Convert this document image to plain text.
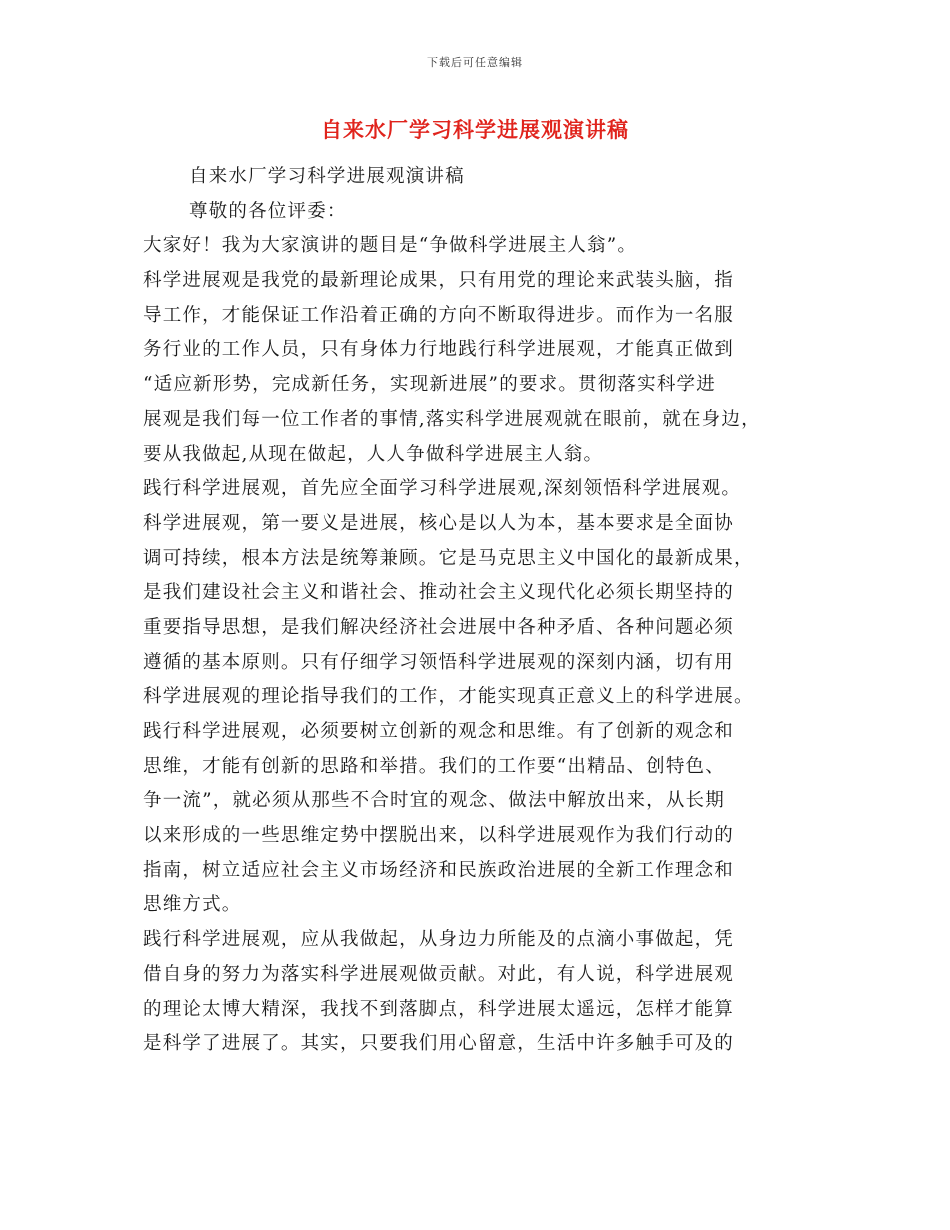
下载后可任意编辑
自来水厂学习科学进展观演讲稿
自来水厂学习科学进展观演讲稿
尊敬的各位评委：
大家好！我为大家演讲的题目是“争做科学进展主人翁”。
科学进展观是我党的最新理论成果，只有用党的理论来武装头脑，指
导工作，才能保证工作沿着正确的方向不断取得进步。而作为一名服
务行业的工作人员，只有身体力行地践行科学进展观，才能真正做到
“适应新形势，完成新任务，实现新进展”的要求。贯彻落实科学进
展观是我们每一位工作者的事情,落实科学进展观就在眼前，就在身边，
要从我做起,从现在做起，人人争做科学进展主人翁。
践行科学进展观，首先应全面学习科学进展观,深刻领悟科学进展观。
科学进展观，第一要义是进展，核心是以人为本，基本要求是全面协
调可持续，根本方法是统筹兼顾。它是马克思主义中国化的最新成果，
是我们建设社会主义和谐社会、推动社会主义现代化必须长期坚持的
重要指导思想，是我们解决经济社会进展中各种矛盾、各种问题必须
遵循的基本原则。只有仔细学习领悟科学进展观的深刻内涵，切有用
科学进展观的理论指导我们的工作，才能实现真正意义上的科学进展。
践行科学进展观，必须要树立创新的观念和思维。有了创新的观念和
思维，才能有创新的思路和举措。我们的工作要“出精品、创特色、
争一流”，就必须从那些不合时宜的观念、做法中解放出来，从长期
以来形成的一些思维定势中摆脱出来，以科学进展观作为我们行动的
指南，树立适应社会主义市场经济和民族政治进展的全新工作理念和
思维方式。
践行科学进展观，应从我做起，从身边力所能及的点滴小事做起，凭
借自身的努力为落实科学进展观做贡献。对此，有人说，科学进展观
的理论太博大精深，我找不到落脚点，科学进展太遥远，怎样才能算
是科学了进展了。其实，只要我们用心留意，生活中许多触手可及的
